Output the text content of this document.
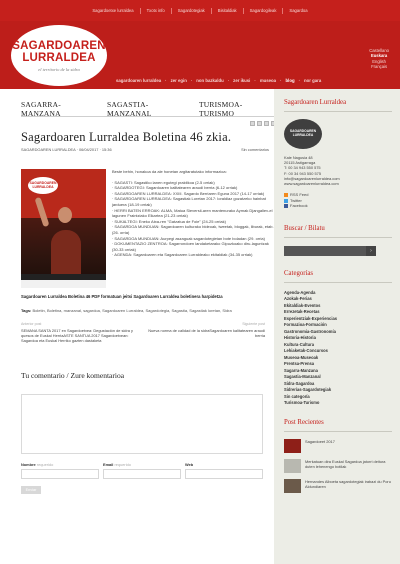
Sagardoetxe lurraldea	Txotx info	Sagardotegiak	Bisitaldiak	Sagardogileak	Sagardoa
SAGARDOAREN
LURRALDEA
el territorio de la sidra
sagardoaren lurraldea · zer egin · non bazkaldu · zer ikusi · museoa · blog · nor gara
Castellano
Euskara
English
Français
SAGARRA-MANZANA
SAGASTIA-MANZANAL
TURISMOA-TURISMO
Sagardoaren Lurraldea Boletina 46 zkia.
SAGARDOAREN LURRALDEA · 06/04/2017 · 15:36	Sin comentarios
SAGARDOAREN LURRALDEA

Beste behin, honakoa da ale honetan argitaratutako informazioa:

· SAGASTI: Sagastiko lanen egutegi praktikoa (2-5 orriak)
· SAGARDOTEGI: Sagardoaren kalitatearen araudi berria (6-12 orriak)
· SAGARDOAREN LURRALDEA: XXIII. Sagardo Berriaren Eguna 2017 (14-17 orriak)
· SAGARDOAREN LURRALDEA: Sagastiak Loretan 2017: loraldiaz gozatzeko hainbat jarduera (18-19 orriak)
· HERRI BATEN ERROAK: ALMA, Matua Sieversii-aren mantenurako Aymak Djangaliev-el lagunen Fraintziako Elkartea (21-23 orriak)
· SUKALTEGI: Eneko Atxa-ren "Gatzatua de Foie" (24-25 orriak)
· SAGARDOA MUNDUAN: Sagardoaren kulturako bideoak, tweetak, bloggak, liburak, etab. (26. orria)
· SAGARDOA MUNDUAN: Aurpegi aszaguak sagardotegietan bote boladan (29. orria)
· DOKUMENTAZIO ZENTROA: Sagarrondoen landaketarako Gipuzkoako diru-laguntzak (30-33 orriak)
· AGENDA: Sagardoaren eta Sagardoaren Lurraldeako ekitaldiak (34-35 orriak)
Sagardoaren Lurraldea Boletina 46 PDF formatuan jeitsi Sagardoaren Lurraldea boletinera harpidetza
Tags: Boletin, Boletina, manzanal, sagardoa, Sagardoaren Lurraldea, Sagardotegia, Sagastia, Sagastiak loretan, Sidra
Anterior post
SEMANA SANTA 2017 en Sagardoetxea: Degustación de sidra y quesos de Euskal HerriaASTE SANTUA 2017 Sagardoetxean: Sagardoa eta Euskal Herriko gazten dastaketa
Siguiente post
Nueva norma de calidad de la sidraSagardoaren kalitatearen araudi berria
Tu comentario / Zure komentarioa
Nombre requerido	Email requerido	Web
Enviar
Sagardoaren Lurraldea
SAGARDOAREN LURRALDEA
Kale Nagusia 48
20115 Astigarraga
T: 00 34 943 550 575
F: 00 34 943 550 575
info@sagardoarenlurraldea.com
www.sagardoarenlurraldea.com
RSS Feed
Twitter
Facebook
Buscar / Bilatu
›
Categorías
Agenda-Agenda
Azokak-Ferias
Ekitaldiak-Eventos
Errezetak-Recetas
Esperientziak-Experiencias
Formazioa-Formación
Gastronomia-Gastronomía
Historia-Historia
Kultura-Cultura
Lehiaketak-Concursos
Museoa-Museoak
Prentsa-Prensa
Sagarra-Manzana
Sagastia-Manzanal
Sidra-Sagardoa
Sidrerías-Sagardotegiak
Sin categoría
Turismoa-Turismo
Post Recientes
Sagardoeet 2017
Merkatuan dira Euskal Sagardoa jatorri deitura duten lehenengo botilak
Hernandes Alboeta sagardotegiak irabazi du Poru Aldundiaren
